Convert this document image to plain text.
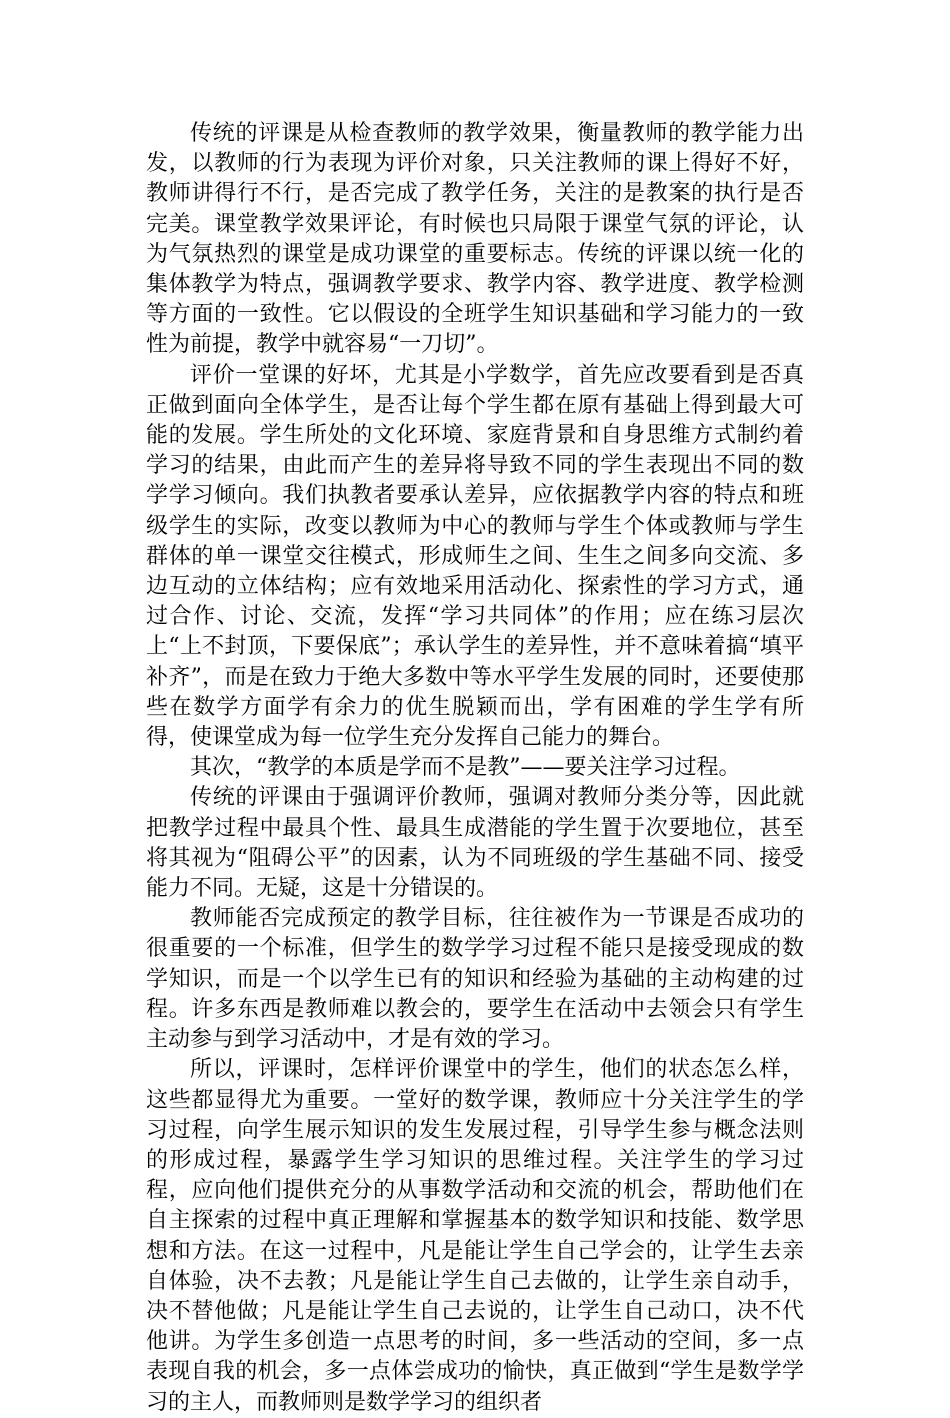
传统的评课是从检查教师的教学效果，衡量教师的教学能力出发，以教师的行为表现为评价对象，只关注教师的课上得好不好，教师讲得行不行，是否完成了教学任务，关注的是教案的执行是否完美。课堂教学效果评论，有时候也只局限于课堂气氛的评论，认为气氛热烈的课堂是成功课堂的重要标志。传统的评课以统一化的集体教学为特点，强调教学要求、教学内容、教学进度、教学检测等方面的一致性。它以假设的全班学生知识基础和学习能力的一致性为前提，教学中就容易“一刀切”。

评价一堂课的好坏，尤其是小学数学，首先应改要看到是否真正做到面向全体学生，是否让每个学生都在原有基础上得到最大可能的发展。学生所处的文化环境、家庭背景和自身思维方式制约着学习的结果，由此而产生的差异将导致不同的学生表现出不同的数学学习倾向。我们执教者要承认差异，应依据教学内容的特点和班级学生的实际，改变以教师为中心的教师与学生个体或教师与学生群体的单一课堂交往模式，形成师生之间、生生之间多向交流、多边互动的立体结构；应有效地采用活动化、探索性的学习方式，通过合作、讨论、交流，发挥“学习共同体”的作用；应在练习层次上“上不封顶，下要保底”；承认学生的差异性，并不意味着搞“填平补齐”，而是在致力于绝大多数中等水平学生发展的同时，还要使那些在数学方面学有余力的优生脱颖而出，学有困难的学生学有所得，使课堂成为每一位学生充分发挥自己能力的舞台。

其次，“教学的本质是学而不是教”——要关注学习过程。

传统的评课由于强调评价教师，强调对教师分类分等，因此就把教学过程中最具个性、最具生成潜能的学生置于次要地位，甚至将其视为“阻碍公平”的因素，认为不同班级的学生基础不同、接受能力不同。无疑，这是十分错误的。

教师能否完成预定的教学目标，往往被作为一节课是否成功的很重要的一个标准，但学生的数学学习过程不能只是接受现成的数学知识，而是一个以学生已有的知识和经验为基础的主动构建的过程。许多东西是教师难以教会的，要学生在活动中去领会只有学生主动参与到学习活动中，才是有效的学习。

所以，评课时，怎样评价课堂中的学生，他们的状态怎么样，这些都显得尤为重要。一堂好的数学课，教师应十分关注学生的学习过程，向学生展示知识的发生发展过程，引导学生参与概念法则的形成过程，暴露学生学习知识的思维过程。关注学生的学习过程，应向他们提供充分的从事数学活动和交流的机会，帮助他们在自主探索的过程中真正理解和掌握基本的数学知识和技能、数学思想和方法。在这一过程中，凡是能让学生自己学会的，让学生去亲自体验，决不去教；凡是能让学生自己去做的，让学生亲自动手，决不替他做；凡是能让学生自己去说的，让学生自己动口，决不代他讲。为学生多创造一点思考的时间，多一些活动的空间，多一点表现自我的机会，多一点体尝成功的愉快，真正做到“学生是数学学习的主人，而教师则是数学学习的组织者
